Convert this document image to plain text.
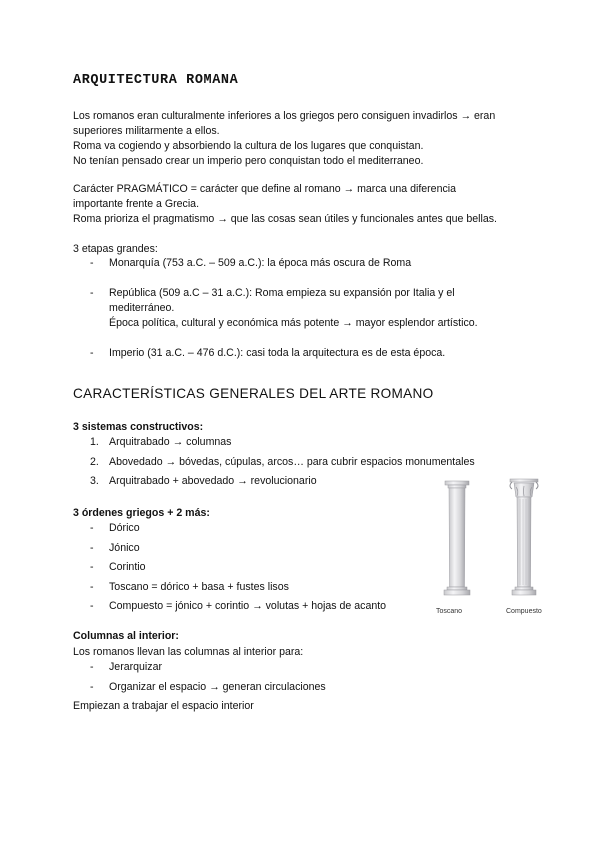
ARQUITECTURA ROMANA

Los romanos eran culturalmente inferiores a los griegos pero consiguen invadirlos → eran
superiores militarmente a ellos.
Roma va cogiendo y absorbiendo la cultura de los lugares que conquistan.
No tenían pensado crear un imperio pero conquistan todo el mediterraneo.

Carácter PRAGMÁTICO = carácter que define al romano → marca una diferencia
importante frente a Grecia.
Roma prioriza el pragmatismo → que las cosas sean útiles y funcionales antes que bellas.

3 etapas grandes:

- Monarquía (753 a.C. – 509 a.C.): la época más oscura de Roma
- República (509 a.C – 31 a.C.): Roma empieza su expansión por Italia y el
mediterráneo.
Época política, cultural y económica más potente → mayor esplendor artístico.
- Imperio (31 a.C. – 476 d.C.): casi toda la arquitectura es de esta época.
CARACTERÍSTICAS GENERALES DEL ARTE ROMANO

3 sistemas constructivos:

1. Arquitrabado → columnas
2. Abovedado → bóvedas, cúpulas, arcos… para cubrir espacios monumentales
3. Arquitrabado + abovedado → revolucionario

3 órdenes griegos + 2 más:

- Dórico
- Jónico
- Corintio
- Toscano = dórico + basa + fustes lisos
- Compuesto = jónico + corintio → volutas + hojas de acanto	Toscano	Compuesto

Columnas al interior:

Los romanos llevan las columnas al interior para:

- Jerarquizar
- Organizar el espacio → generan circulaciones

Empiezan a trabajar el espacio interior
